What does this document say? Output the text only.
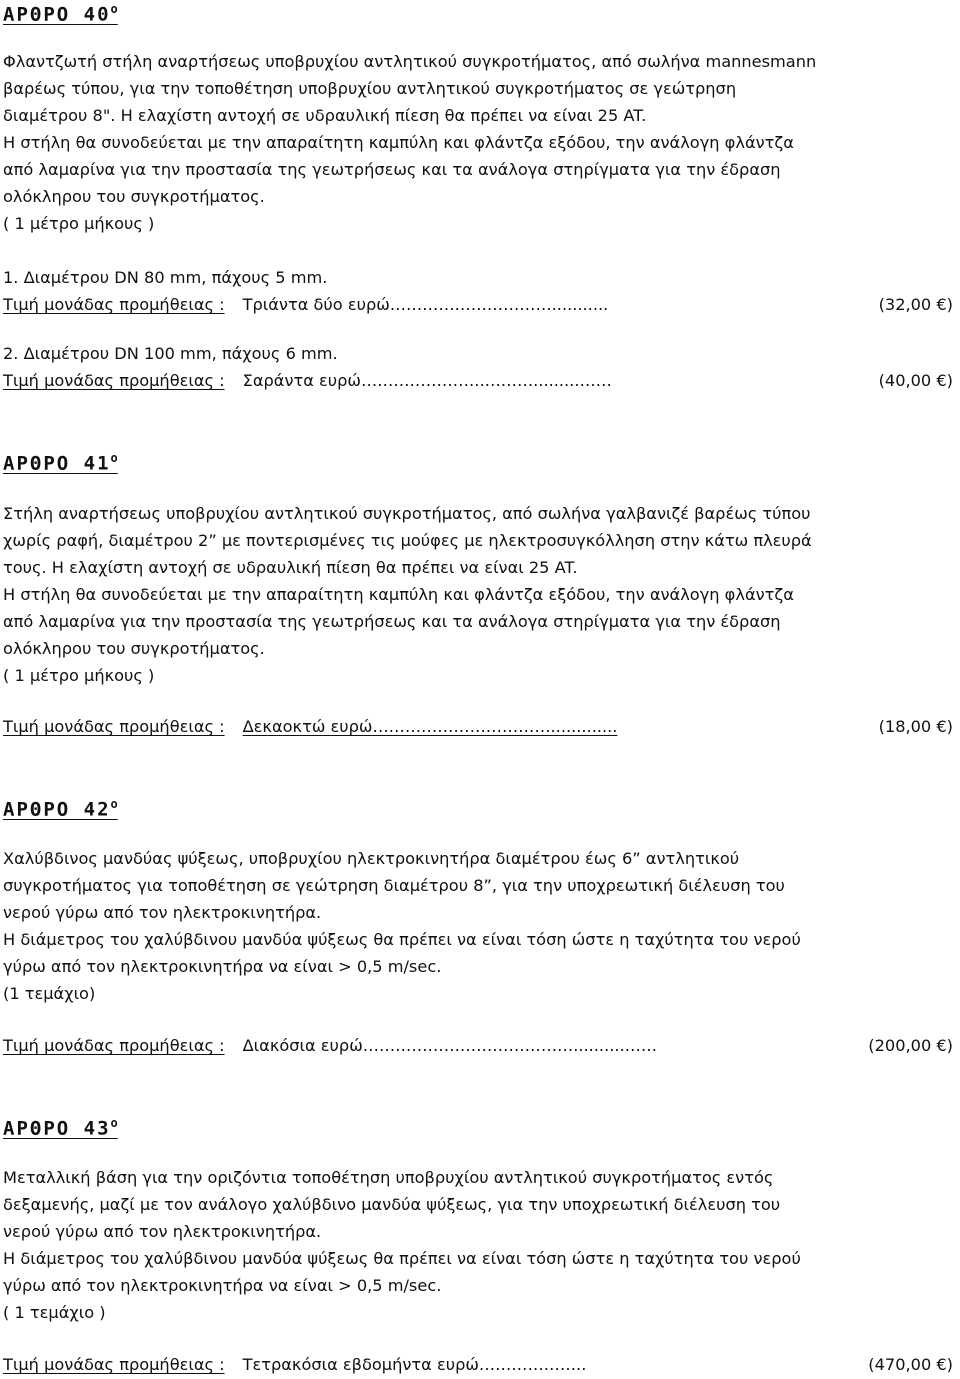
ΑΡΘΡΟ $40^o$
Φλαντζωτή στήλη αναρτήσεως υποβρυχίου αντλητικού συγκροτήματος, από σωλήνα mannesmann
βαρέως τύπου, για την τοποθέτηση υποβρυχίου αντλητικού συγκροτήματος σε γεώτρηση
διαμέτρου 8". Η ελαχίστη αντοχή σε υδραυλική πίεση θα πρέπει να είναι 25 AT.
Η στήλη θα συνοδεύεται με την απαραίτητη καμπύλη και φλάντζα εξόδου, την ανάλογη φλάντζα
από λαμαρίνα για την προστασία της γεωτρήσεως και τα ανάλογα στηρίγματα για την έδραση
ολόκληρου του συγκροτήματος.
( 1 μέτρο μήκους )
1. Διαμέτρου DN 80 mm, πάχους 5 mm.
Τιμή μονάδας προμήθειας : Τριάντα δύο ευρώ…………………………...........	(32,00 €)
2. Διαμέτρου DN 100 mm, πάχους 6 mm.
Τιμή μονάδας προμήθειας : Σαράντα ευρώ…………………..……….........……	(40,00 €)
ΑΡΘΡΟ $41^o$
Στήλη αναρτήσεως υποβρυχίου αντλητικού συγκροτήματος, από σωλήνα γαλβανιζέ βαρέως τύπου
χωρίς ραφή, διαμέτρου 2” με ποντερισμένες τις μούφες με ηλεκτροσυγκόλληση στην κάτω πλευρά
τους. Η ελαχίστη αντοχή σε υδραυλική πίεση θα πρέπει να είναι 25 AT.
Η στήλη θα συνοδεύεται με την απαραίτητη καμπύλη και φλάντζα εξόδου, την ανάλογη φλάντζα
από λαμαρίνα για την προστασία της γεωτρήσεως και τα ανάλογα στηρίγματα για την έδραση
ολόκληρου του συγκροτήματος.
( 1 μέτρο μήκους )
Τιμή μονάδας προμήθειας : Δεκαοκτώ ευρώ…………………………….............	(18,00 €)
ΑΡΘΡΟ $42^o$
Χαλύβδινος μανδύας ψύξεως, υποβρυχίου ηλεκτροκινητήρα διαμέτρου έως 6” αντλητικού
συγκροτήματος για τοποθέτηση σε γεώτρηση διαμέτρου 8”, για την υποχρεωτική διέλευση του
νερού γύρω από τον ηλεκτροκινητήρα.
Η διάμετρος του χαλύβδινου μανδύα ψύξεως θα πρέπει να είναι τόση ώστε η ταχύτητα του νερού
γύρω από τον ηλεκτροκινητήρα να είναι > 0,5 m/sec.
(1 τεμάχιο)
Τιμή μονάδας προμήθειας : Διακόσια ευρώ…………………………………..........……	(200,00 €)
ΑΡΘΡΟ $43^o$
Μεταλλική βάση για την οριζόντια τοποθέτηση υποβρυχίου αντλητικού συγκροτήματος εντός
δεξαμενής, μαζί με τον ανάλογο χαλύβδινο μανδύα ψύξεως, για την υποχρεωτική διέλευση του
νερού γύρω από τον ηλεκτροκινητήρα.
Η διάμετρος του χαλύβδινου μανδύα ψύξεως θα πρέπει να είναι τόση ώστε η ταχύτητα του νερού
γύρω από τον ηλεκτροκινητήρα να είναι > 0,5 m/sec.
( 1 τεμάχιο )
Τιμή μονάδας προμήθειας : Τετρακόσια εβδομήντα ευρώ………………..	(470,00 €)
